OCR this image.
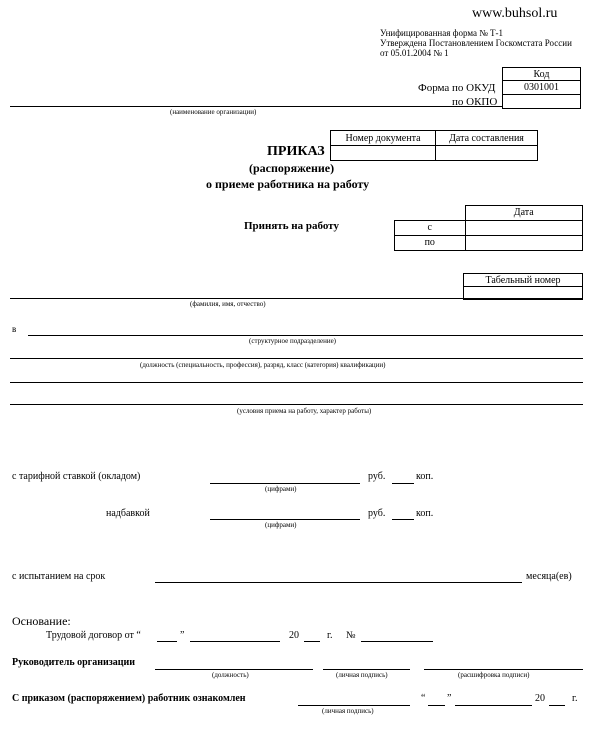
www.buhsol.ru
Унифицированная форма № Т-1
Утверждена Постановлением Госкомстата России
от 05.01.2004 № 1
Код
0301001

Форма по ОКУД
по ОКПО
(наименование организации)
Номер документа	Дата составления

ПРИКАЗ
(распоряжение)
о приеме работника на работу
Принять на работу
	Дата
с	
по	
Табельный номер

(фамилия, имя, отчество)
в
(структурное подразделение)
(должность (специальность, профессия), разряд, класс (категория) квалификации)
(условия приема на работу, характер работы)
с тарифной ставкой (окладом)
(цифрами)
руб.	коп.
надбавкой
(цифрами)
руб.	коп.
с испытанием на срок	месяца(ев)
Основание:
Трудовой договор от “	”	20	г. №
Руководитель организации
(должность)	(личная подпись)	(расшифровка подписи)
С приказом (распоряжением) работник ознакомлен
(личная подпись)
“ ”	20	г.
